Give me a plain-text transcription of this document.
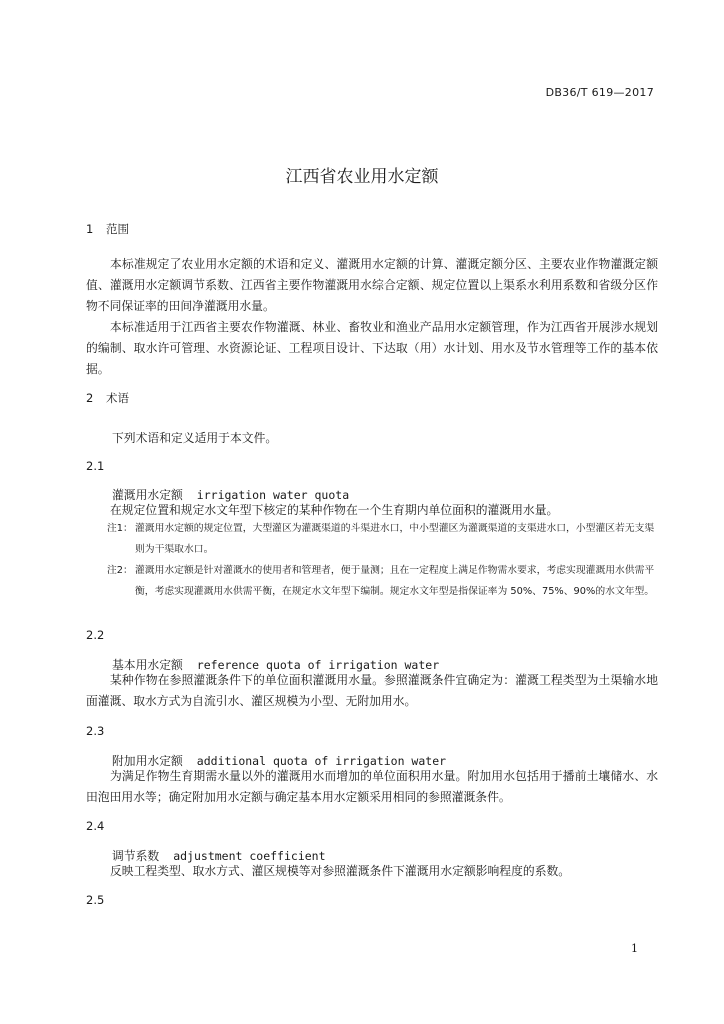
DB36/T 619—2017
江西省农业用水定额
1 范围
本标准规定了农业用水定额的术语和定义、灌溉用水定额的计算、灌溉定额分区、主要农业作物灌溉定额值、灌溉用水定额调节系数、江西省主要作物灌溉用水综合定额、规定位置以上渠系水利用系数和省级分区作物不同保证率的田间净灌溉用水量。
本标准适用于江西省主要农作物灌溉、林业、畜牧业和渔业产品用水定额管理，作为江西省开展涉水规划的编制、取水许可管理、水资源论证、工程项目设计、下达取（用）水计划、用水及节水管理等工作的基本依据。
2 术语
下列术语和定义适用于本文件。
2.1
灌溉用水定额 irrigation water quota
在规定位置和规定水文年型下核定的某种作物在一个生育期内单位面积的灌溉用水量。
注1： 灌溉用水定额的规定位置，大型灌区为灌溉渠道的斗渠进水口，中小型灌区为灌溉渠道的支渠进水口，小型灌区若无支渠则为干渠取水口。
注2： 灌溉用水定额是针对灌溉水的使用者和管理者，便于量测；且在一定程度上满足作物需水要求，考虑实现灌溉用水供需平衡，考虑实现灌溉用水供需平衡，在规定水文年型下编制。规定水文年型是指保证率为 50%、75%、90%的水文年型。
2.2
基本用水定额 reference quota of irrigation water
某种作物在参照灌溉条件下的单位面积灌溉用水量。参照灌溉条件宜确定为：灌溉工程类型为土渠输水地面灌溉、取水方式为自流引水、灌区规模为小型、无附加用水。
2.3
附加用水定额 additional quota of irrigation water
为满足作物生育期需水量以外的灌溉用水而增加的单位面积用水量。附加用水包括用于播前土壤储水、水田泡田用水等；确定附加用水定额与确定基本用水定额采用相同的参照灌溉条件。
2.4
调节系数 adjustment coefficient
反映工程类型、取水方式、灌区规模等对参照灌溉条件下灌溉用水定额影响程度的系数。
2.5
1
